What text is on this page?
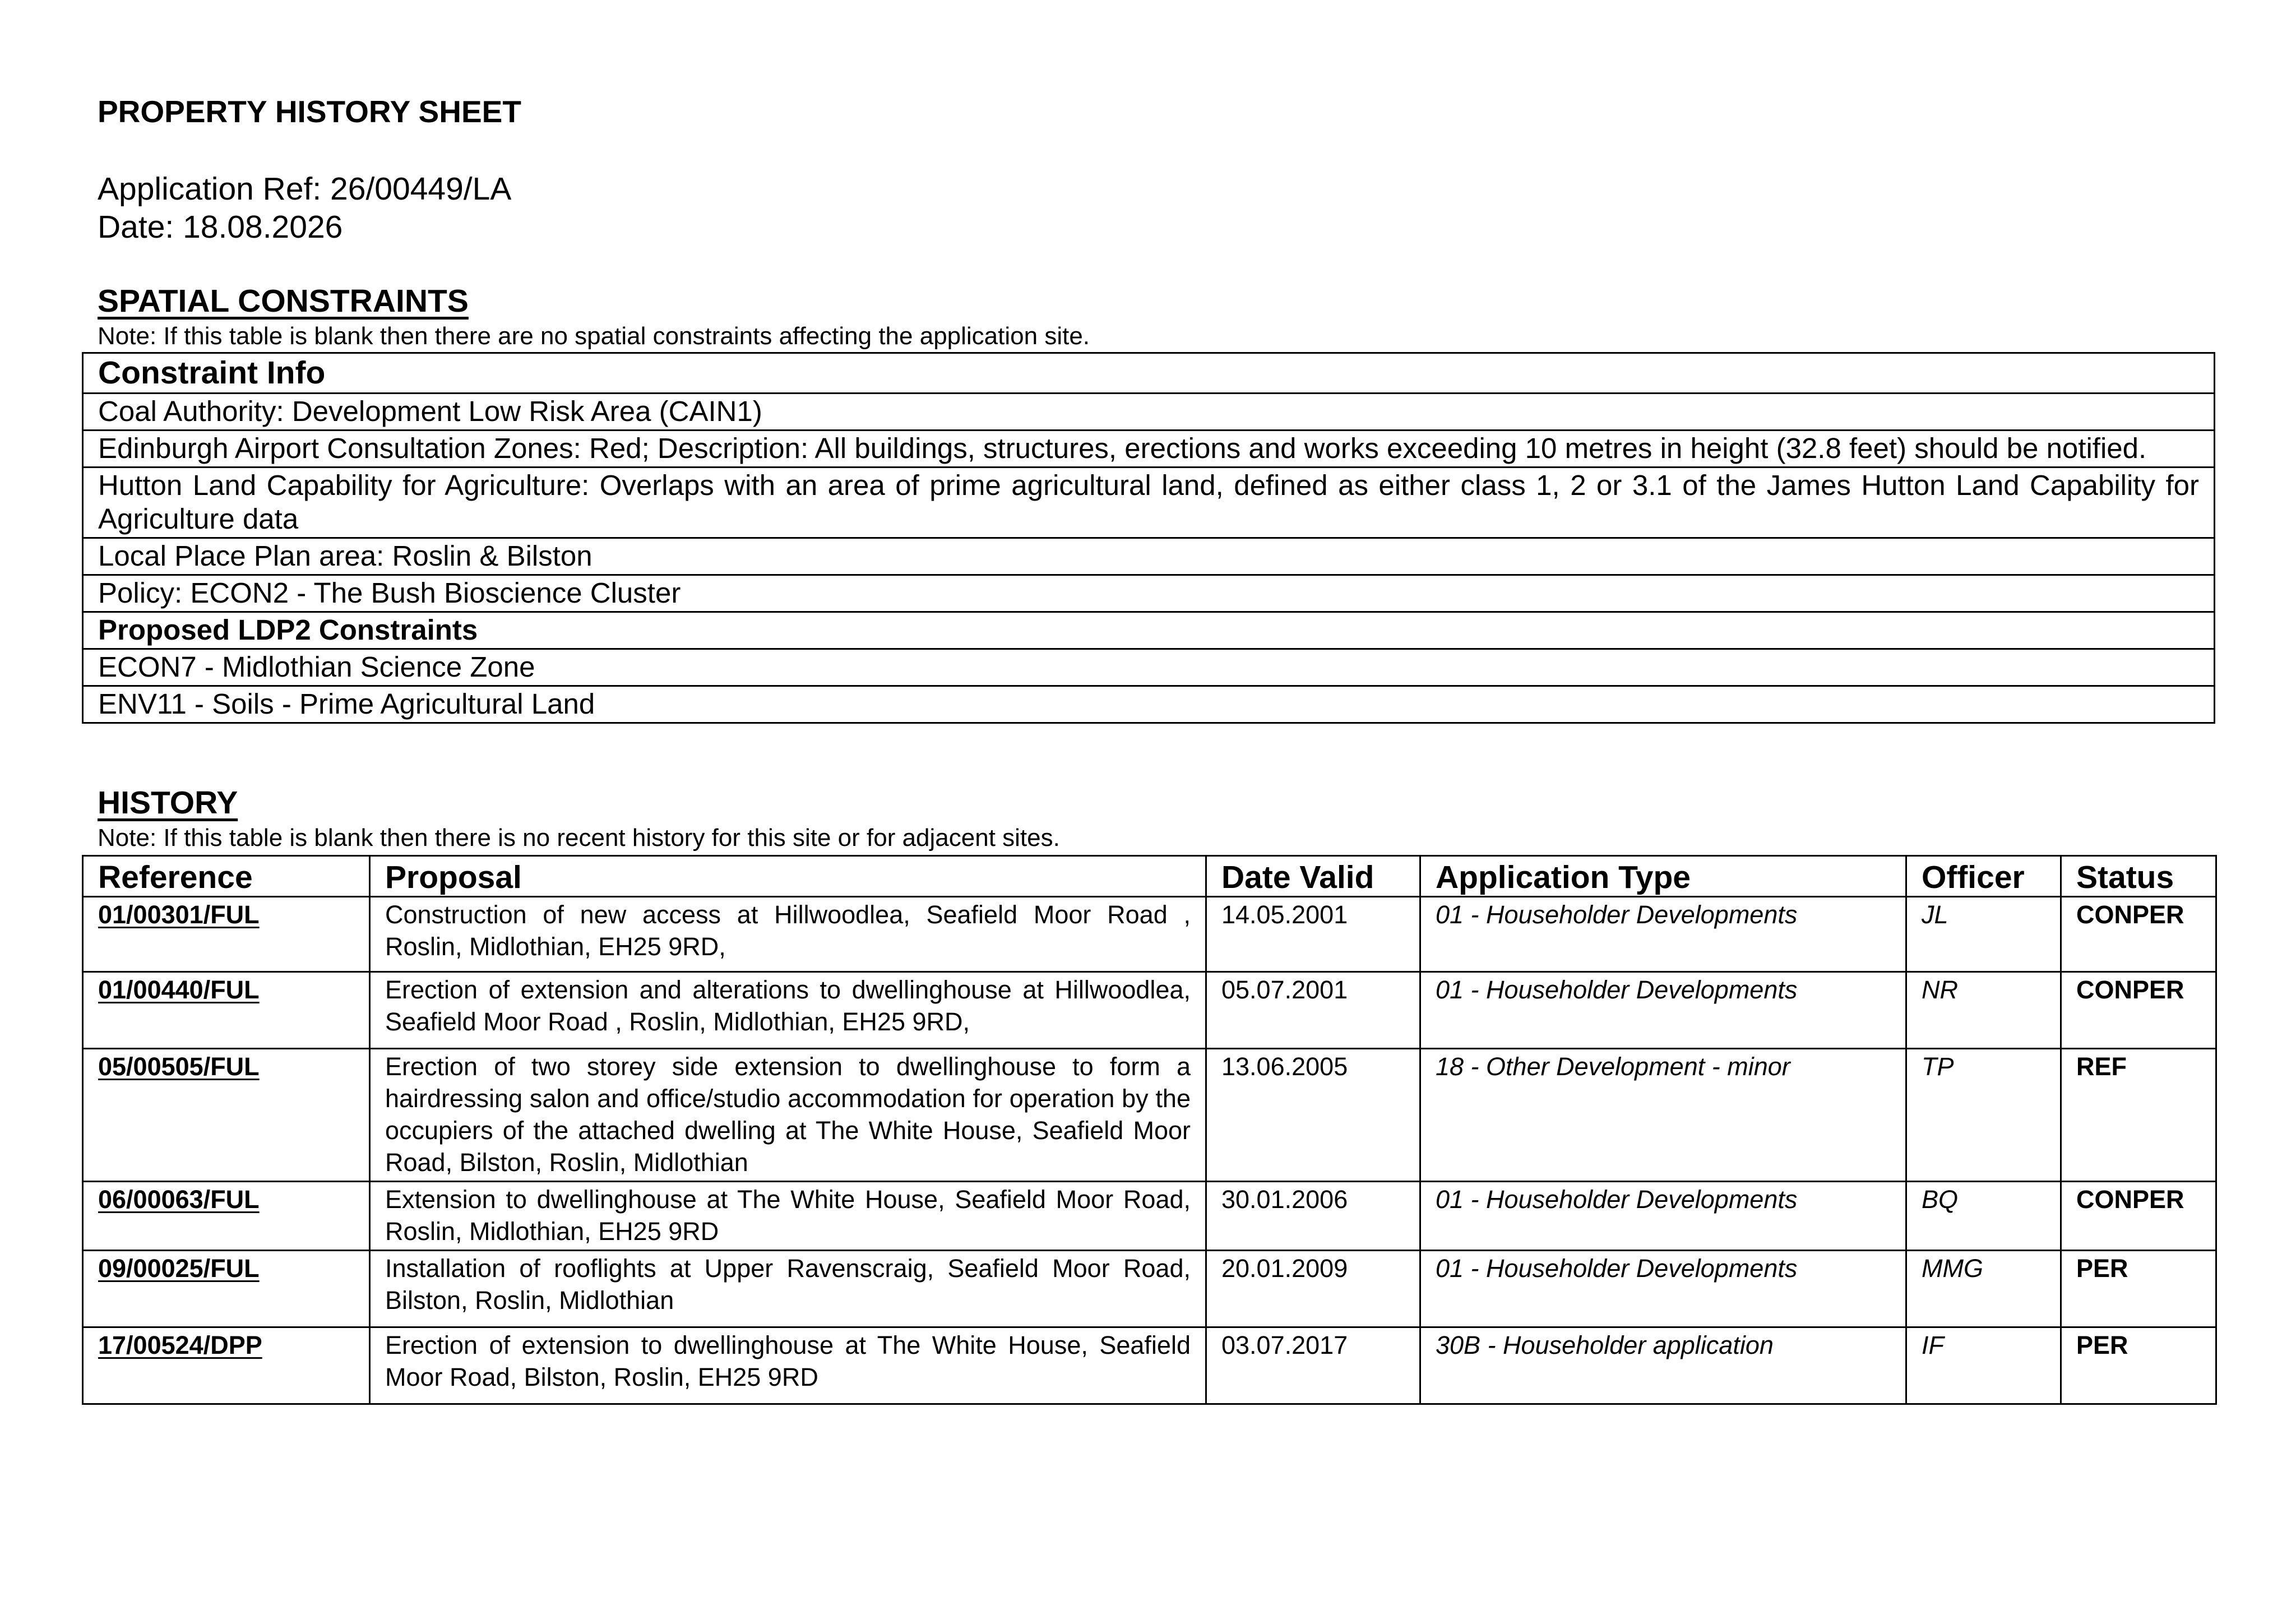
PROPERTY HISTORY SHEET
Application Ref: 26/00449/LA
Date: 18.08.2026
SPATIAL CONSTRAINTS
Note: If this table is blank then there are no spatial constraints affecting the application site.
Constraint Info
Coal Authority: Development Low Risk Area (CAIN1)
Edinburgh Airport Consultation Zones: Red; Description: All buildings, structures, erections and works exceeding 10 metres in height (32.8 feet) should be notified.
Hutton Land Capability for Agriculture: Overlaps with an area of prime agricultural land, defined as either class 1, 2 or 3.1 of the James Hutton Land Capability for Agriculture data
Local Place Plan area: Roslin & Bilston
Policy: ECON2 - The Bush Bioscience Cluster
Proposed LDP2 Constraints
ECON7 - Midlothian Science Zone
ENV11 - Soils - Prime Agricultural Land
HISTORY
Note: If this table is blank then there is no recent history for this site or for adjacent sites.
Reference	Proposal	Date Valid	Application Type	Officer	Status
01/00301/FUL	Construction of new access at Hillwoodlea, Seafield Moor Road , Roslin, Midlothian, EH25 9RD,	14.05.2001	01 - Householder Developments	JL	CONPER
01/00440/FUL	Erection of extension and alterations to dwellinghouse at Hillwoodlea, Seafield Moor Road , Roslin, Midlothian, EH25 9RD,	05.07.2001	01 - Householder Developments	NR	CONPER
05/00505/FUL	Erection of two storey side extension to dwellinghouse to form a hairdressing salon and office/studio accommodation for operation by the occupiers of the attached dwelling at The White House, Seafield Moor Road, Bilston, Roslin, Midlothian	13.06.2005	18 - Other Development - minor	TP	REF
06/00063/FUL	Extension to dwellinghouse at The White House, Seafield Moor Road, Roslin, Midlothian, EH25 9RD	30.01.2006	01 - Householder Developments	BQ	CONPER
09/00025/FUL	Installation of rooflights at Upper Ravenscraig, Seafield Moor Road, Bilston, Roslin, Midlothian	20.01.2009	01 - Householder Developments	MMG	PER
17/00524/DPP	Erection of extension to dwellinghouse at The White House, Seafield Moor Road, Bilston, Roslin, EH25 9RD	03.07.2017	30B - Householder application	IF	PER
